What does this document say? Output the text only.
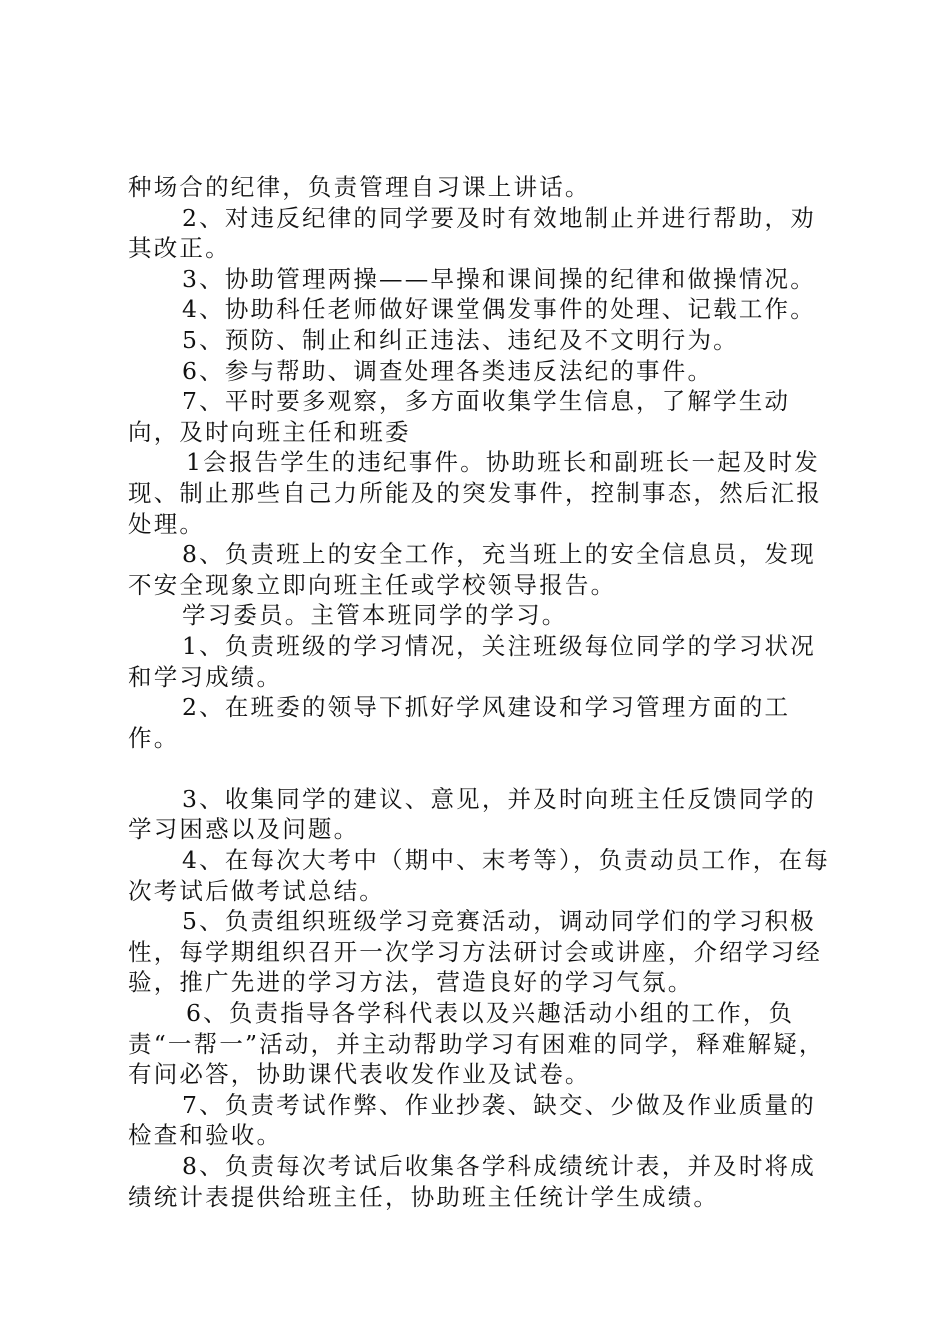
种场合的纪律，负责管理自习课上讲话。

2、对违反纪律的同学要及时有效地制止并进行帮助，劝其改正。

3、协助管理两操——早操和课间操的纪律和做操情况。

4、协助科任老师做好课堂偶发事件的处理、记载工作。

5、预防、制止和纠正违法、违纪及不文明行为。

6、参与帮助、调查处理各类违反法纪的事件。

7、平时要多观察，多方面收集学生信息，了解学生动向，及时向班主任和班委

1会报告学生的违纪事件。协助班长和副班长一起及时发现、制止那些自己力所能及的突发事件，控制事态，然后汇报处理。

8、负责班上的安全工作，充当班上的安全信息员，发现不安全现象立即向班主任或学校领导报告。

学习委员。主管本班同学的学习。

1、负责班级的学习情况，关注班级每位同学的学习状况和学习成绩。

2、在班委的领导下抓好学风建设和学习管理方面的工作。

3、收集同学的建议、意见，并及时向班主任反馈同学的学习困惑以及问题。

4、在每次大考中（期中、末考等），负责动员工作，在每次考试后做考试总结。

5、负责组织班级学习竞赛活动，调动同学们的学习积极性，每学期组织召开一次学习方法研讨会或讲座，介绍学习经验，推广先进的学习方法，营造良好的学习气氛。

6、负责指导各学科代表以及兴趣活动小组的工作，负责“一帮一”活动，并主动帮助学习有困难的同学，释难解疑，有问必答，协助课代表收发作业及试卷。

7、负责考试作弊、作业抄袭、缺交、少做及作业质量的检查和验收。

8、负责每次考试后收集各学科成绩统计表，并及时将成绩统计表提供给班主任，协助班主任统计学生成绩。
